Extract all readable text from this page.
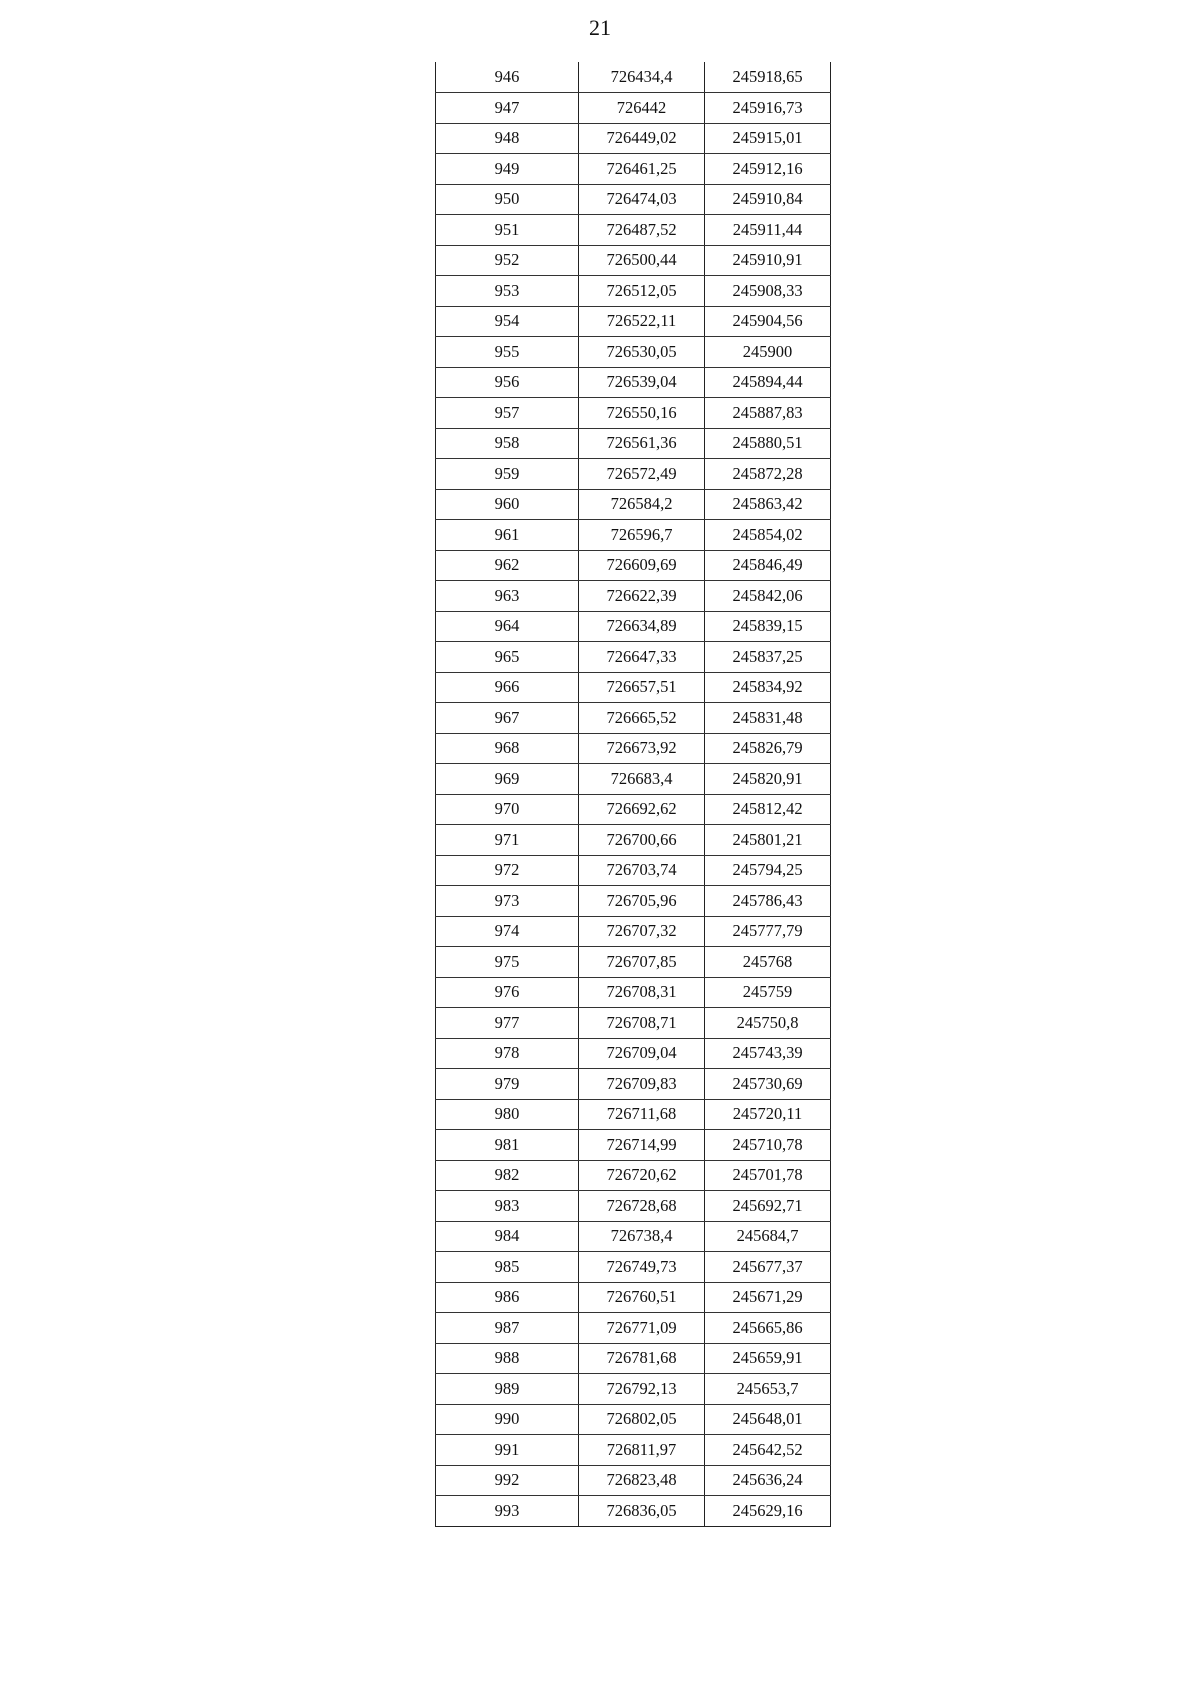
21
946	726434,4	245918,65
947	726442	245916,73
948	726449,02	245915,01
949	726461,25	245912,16
950	726474,03	245910,84
951	726487,52	245911,44
952	726500,44	245910,91
953	726512,05	245908,33
954	726522,11	245904,56
955	726530,05	245900
956	726539,04	245894,44
957	726550,16	245887,83
958	726561,36	245880,51
959	726572,49	245872,28
960	726584,2	245863,42
961	726596,7	245854,02
962	726609,69	245846,49
963	726622,39	245842,06
964	726634,89	245839,15
965	726647,33	245837,25
966	726657,51	245834,92
967	726665,52	245831,48
968	726673,92	245826,79
969	726683,4	245820,91
970	726692,62	245812,42
971	726700,66	245801,21
972	726703,74	245794,25
973	726705,96	245786,43
974	726707,32	245777,79
975	726707,85	245768
976	726708,31	245759
977	726708,71	245750,8
978	726709,04	245743,39
979	726709,83	245730,69
980	726711,68	245720,11
981	726714,99	245710,78
982	726720,62	245701,78
983	726728,68	245692,71
984	726738,4	245684,7
985	726749,73	245677,37
986	726760,51	245671,29
987	726771,09	245665,86
988	726781,68	245659,91
989	726792,13	245653,7
990	726802,05	245648,01
991	726811,97	245642,52
992	726823,48	245636,24
993	726836,05	245629,16
